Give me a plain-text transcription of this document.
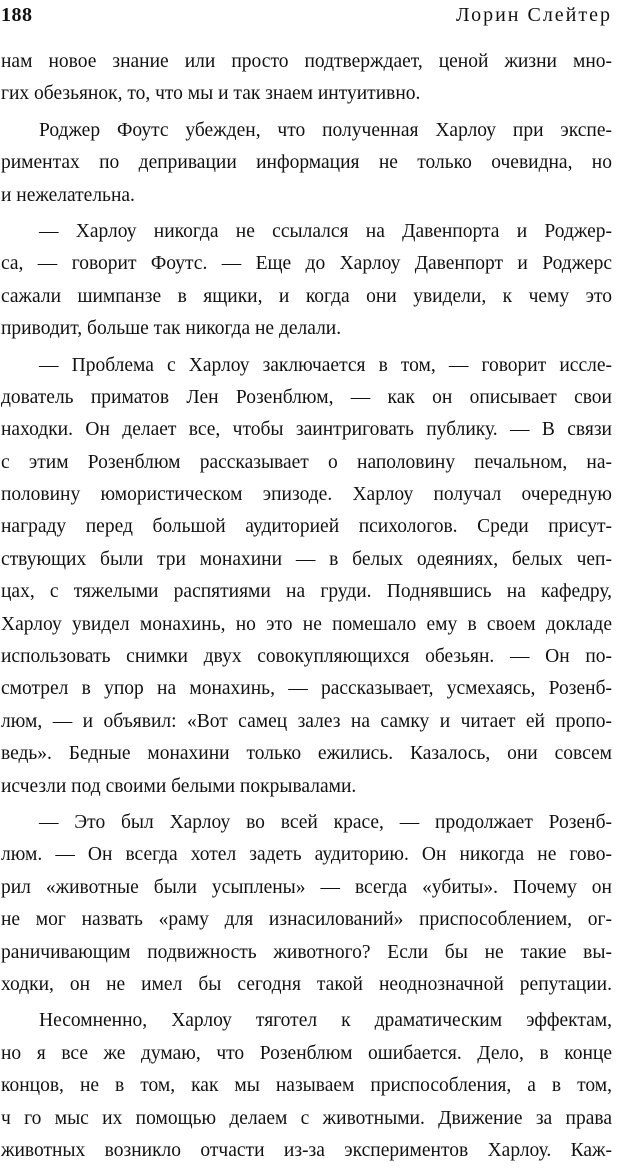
188	Лорин Слейтер
нам новое знание или просто подтверждает, ценой жизни мно-
гих обезьянок, то, что мы и так знаем интуитивно.
Роджер Фоутс убежден, что полученная Харлоу при экспе-
риментах по депривации информация не только очевидна, но
и нежелательна.
— Харлоу никогда не ссылался на Давенпорта и Роджер-
са, — говорит Фоутс. — Еще до Харлоу Давенпорт и Роджерс
сажали шимпанзе в ящики, и когда они увидели, к чему это
приводит, больше так никогда не делали.
— Проблема с Харлоу заключается в том, — говорит иссле-
дователь приматов Лен Розенблюм, — как он описывает свои
находки. Он делает все, чтобы заинтриговать публику. — В связи
с этим Розенблюм рассказывает о наполовину печальном, на-
половину юмористическом эпизоде. Харлоу получал очередную
награду перед большой аудиторией психологов. Среди присут-
ствующих были три монахини — в белых одеяниях, белых чеп-
цах, с тяжелыми распятиями на груди. Поднявшись на кафедру,
Харлоу увидел монахинь, но это не помешало ему в своем докладе
использовать снимки двух совокупляющихся обезьян. — Он по-
смотрел в упор на монахинь, — рассказывает, усмехаясь, Розенб-
люм, — и объявил: «Вот самец залез на самку и читает ей пропо-
ведь». Бедные монахини только ежились. Казалось, они совсем
исчезли под своими белыми покрывалами.
— Это был Харлоу во всей красе, — продолжает Розенб-
люм. — Он всегда хотел задеть аудиторию. Он никогда не гово-
рил «животные были усыплены» — всегда «убиты». Почему он
не мог назвать «раму для изнасилований» приспособлением, ог-
раничивающим подвижность животного? Если бы не такие вы-
ходки, он не имел бы сегодня такой неоднозначной репутации.
Несомненно, Харлоу тяготел к драматическим эффектам,
но я все же думаю, что Розенблюм ошибается. Дело, в конце
концов, не в том, как мы называем приспособления, а в том,
ч го мыс их помощью делаем с животными. Движение за права
животных возникло отчасти из-за экспериментов Харлоу. Каж-
